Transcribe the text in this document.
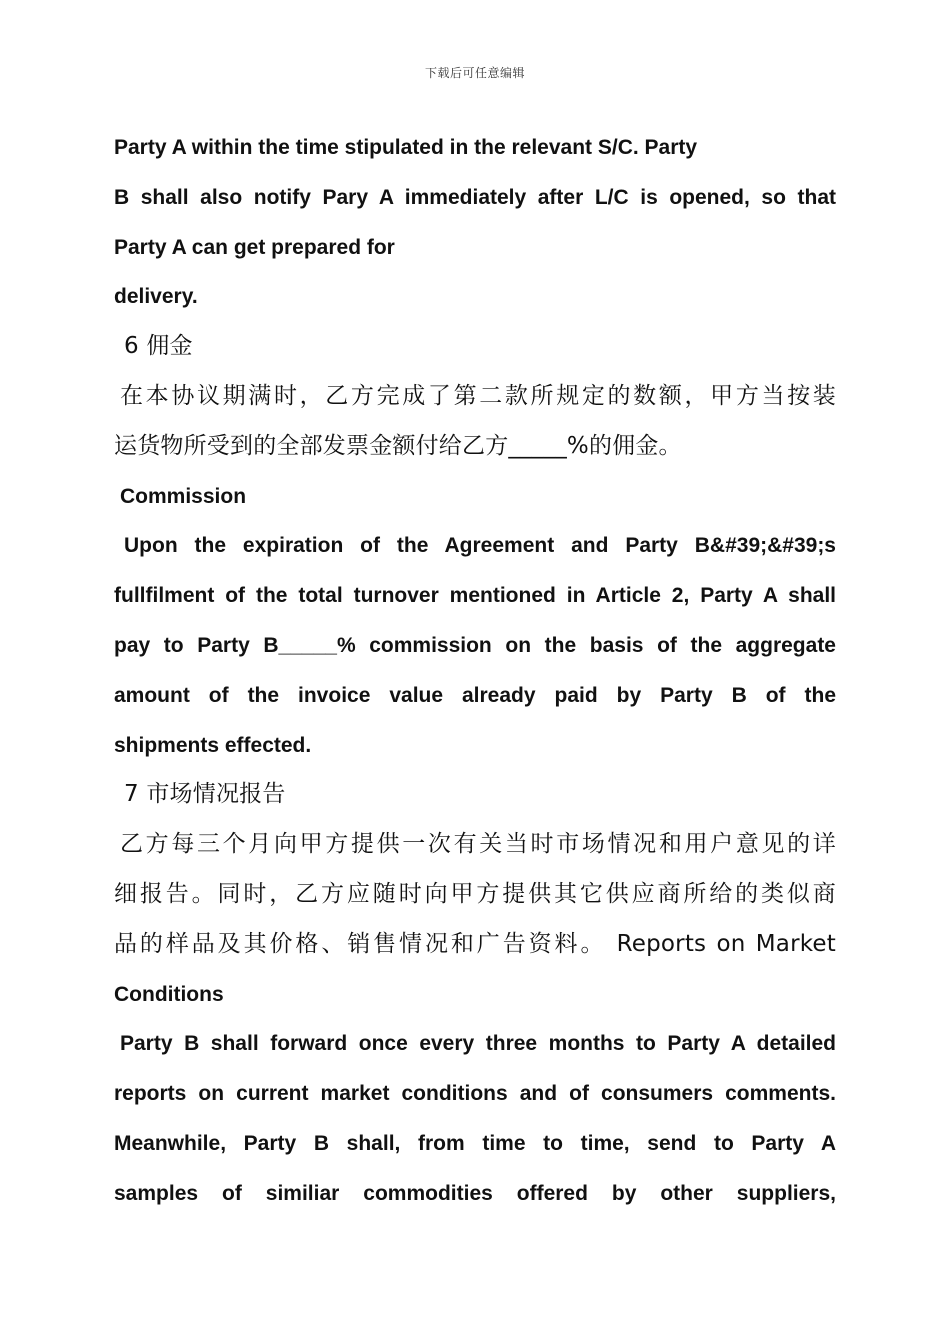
下载后可任意编辑
Party A within the time stipulated in the relevant S/C. Party
B shall also notify Pary A immediately after L/C is opened, so that
Party A can get prepared for
delivery.
6 佣金
在本协议期满时，乙方完成了第二款所规定的数额，甲方当按装
运货物所受到的全部发票金额付给乙方_____%的佣金。
Commission
Upon the expiration of the Agreement and Party B&#39;&#39;s
fullfilment of the total turnover mentioned in Article 2, Party A shall
pay to Party B_____% commission on the basis of the aggregate
amount of the invoice value already paid by Party B of the
shipments effected.
7 市场情况报告
乙方每三个月向甲方提供一次有关当时市场情况和用户意见的详
细报告。同时，乙方应随时向甲方提供其它供应商所给的类似商
品的样品及其价格、销售情况和广告资料。 Reports on Market
Conditions
Party B shall forward once every three months to Party A detailed
reports on current market conditions and of consumers comments.
Meanwhile, Party B shall, from time to time, send to Party A
samples of similiar commodities offered by other suppliers,
